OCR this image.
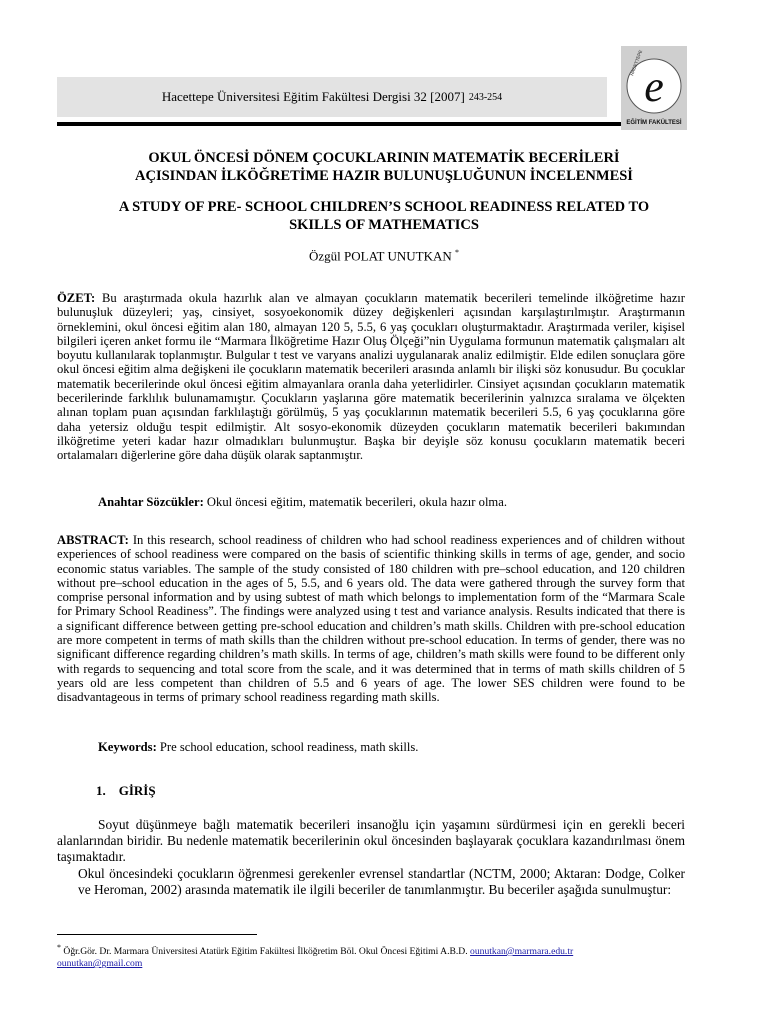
Hacettepe Üniversitesi Eğitim Fakültesi Dergisi 32 [2007] 243-254	e
EĞİTİM FAKÜLTESİ
HACETTEPE
OKUL ÖNCESİ DÖNEM ÇOCUKLARININ MATEMATİK BECERİLERİ
AÇISINDAN İLKÖĞRETİME HAZIR BULUNUŞLUĞUNUN İNCELENMESİ
A STUDY OF PRE- SCHOOL CHILDREN’S SCHOOL READINESS RELATED TO
SKILLS OF MATHEMATICS
Özgül POLAT UNUTKAN *

ÖZET: Bu araştırmada okula hazırlık alan ve almayan çocukların matematik becerileri temelinde ilköğretime hazır bulunuşluk düzeyleri; yaş, cinsiyet, sosyoekonomik düzey değişkenleri açısından karşılaştırılmıştır. Araştırmanın örneklemini, okul öncesi eğitim alan 180, almayan 120 5, 5.5, 6 yaş çocukları oluşturmaktadır. Araştırmada veriler, kişisel bilgileri içeren anket formu ile “Marmara İlköğretime Hazır Oluş Ölçeği”nin Uygulama formunun matematik çalışmaları alt boyutu kullanılarak toplanmıştır. Bulgular t test ve varyans analizi uygulanarak analiz edilmiştir. Elde edilen sonuçlara göre okul öncesi eğitim alma değişkeni ile çocukların matematik becerileri arasında anlamlı bir ilişki söz konusudur. Bu çocuklar matematik becerilerinde okul öncesi eğitim almayanlara oranla daha yeterlidirler. Cinsiyet açısından çocukların matematik becerilerinde farklılık bulunamamıştır. Çocukların yaşlarına göre matematik becerilerinin yalnızca sıralama ve ölçekten alınan toplam puan açısından farklılaştığı görülmüş, 5 yaş çocuklarının matematik becerileri 5.5, 6 yaş çocuklarına göre daha yetersiz olduğu tespit edilmiştir. Alt sosyo-ekonomik düzeyden çocukların matematik becerileri bakımından ilköğretime yeteri kadar hazır olmadıkları bulunmuştur. Başka bir deyişle söz konusu çocukların matematik beceri ortalamaları diğerlerine göre daha düşük olarak saptanmıştır.

Anahtar Sözcükler: Okul öncesi eğitim, matematik becerileri, okula hazır olma.

ABSTRACT: In this research, school readiness of children who had school readiness experiences and of children without experiences of school readiness were compared on the basis of scientific thinking skills in terms of age, gender, and socio economic status variables. The sample of the study consisted of 180 children with pre–school education, and 120 children without pre–school education in the ages of 5, 5.5, and 6 years old. The data were gathered through the survey form that comprise personal information and by using subtest of math which belongs to implementation form of the “Marmara Scale for Primary School Readiness”. The findings were analyzed using t test and variance analysis. Results indicated that there is a significant difference between getting pre-school education and children’s math skills. Children with pre-school education are more competent in terms of math skills than the children without pre-school education. In terms of gender, there was no significant difference regarding children’s math skills. In terms of age, children’s math skills were found to be different only with regards to sequencing and total score from the scale, and it was determined that in terms of math skills children of 5 years old are less competent than children of 5.5 and 6 years of age. The lower SES children were found to be disadvantageous in terms of primary school readiness regarding math skills.

Keywords: Pre school education, school readiness, math skills.

1. GİRİŞ

Soyut düşünmeye bağlı matematik becerileri insanoğlu için yaşamını sürdürmesi için en gerekli beceri alanlarından biridir. Bu nedenle matematik becerilerinin okul öncesinden başlayarak çocuklara kazandırılması önem taşımaktadır.

Okul öncesindeki çocukların öğrenmesi gerekenler evrensel standartlar (NCTM, 2000; Aktaran: Dodge, Colker ve Heroman, 2002) arasında matematik ile ilgili beceriler de tanımlanmıştır. Bu beceriler aşağıda sunulmuştur:

* Öğr.Gör. Dr. Marmara Üniversitesi Atatürk Eğitim Fakültesi İlköğretim Böl. Okul Öncesi Eğitimi A.B.D. ounutkan@marmara.edu.tr
ounutkan@gmail.com
